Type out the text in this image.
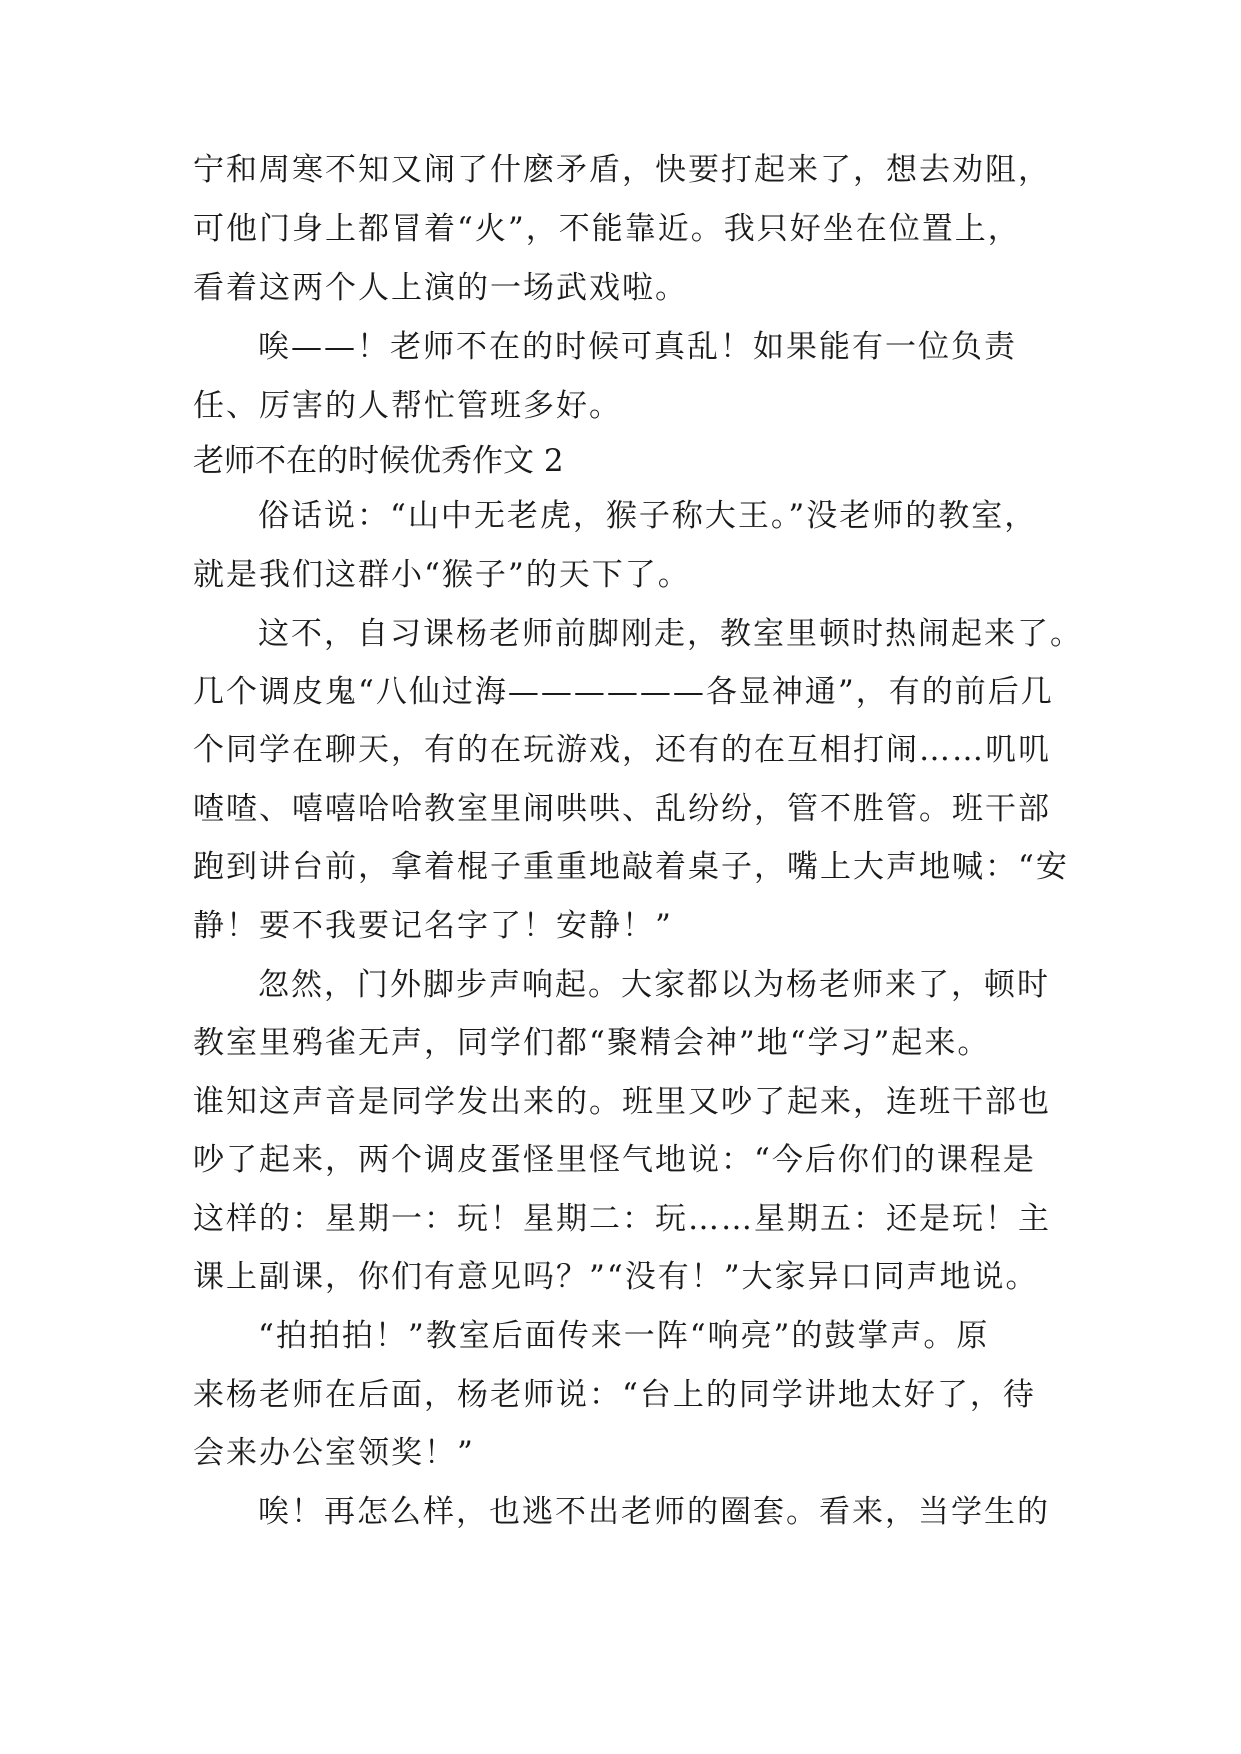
宁和周寒不知又闹了什麽矛盾，快要打起来了，想去劝阻，
可他门身上都冒着“火”，不能靠近。我只好坐在位置上，
看着这两个人上演的一场武戏啦。
唉——！老师不在的时候可真乱！如果能有一位负责
任、厉害的人帮忙管班多好。
老师不在的时候优秀作文 2
俗话说：“山中无老虎，猴子称大王。”没老师的教室，
就是我们这群小“猴子”的天下了。
这不，自习课杨老师前脚刚走，教室里顿时热闹起来了。
几个调皮鬼“八仙过海——————各显神通”，有的前后几
个同学在聊天，有的在玩游戏，还有的在互相打闹……叽叽
喳喳、嘻嘻哈哈教室里闹哄哄、乱纷纷，管不胜管。班干部
跑到讲台前，拿着棍子重重地敲着桌子，嘴上大声地喊：“安
静！要不我要记名字了！安静！”
忽然，门外脚步声响起。大家都以为杨老师来了，顿时
教室里鸦雀无声，同学们都“聚精会神”地“学习”起来。
谁知这声音是同学发出来的。班里又吵了起来，连班干部也
吵了起来，两个调皮蛋怪里怪气地说：“今后你们的课程是
这样的：星期一：玩！星期二：玩……星期五：还是玩！主
课上副课，你们有意见吗？”“没有！”大家异口同声地说。
“拍拍拍！”教室后面传来一阵“响亮”的鼓掌声。原
来杨老师在后面，杨老师说：“台上的同学讲地太好了，待
会来办公室领奖！”
唉！再怎么样，也逃不出老师的圈套。看来，当学生的
